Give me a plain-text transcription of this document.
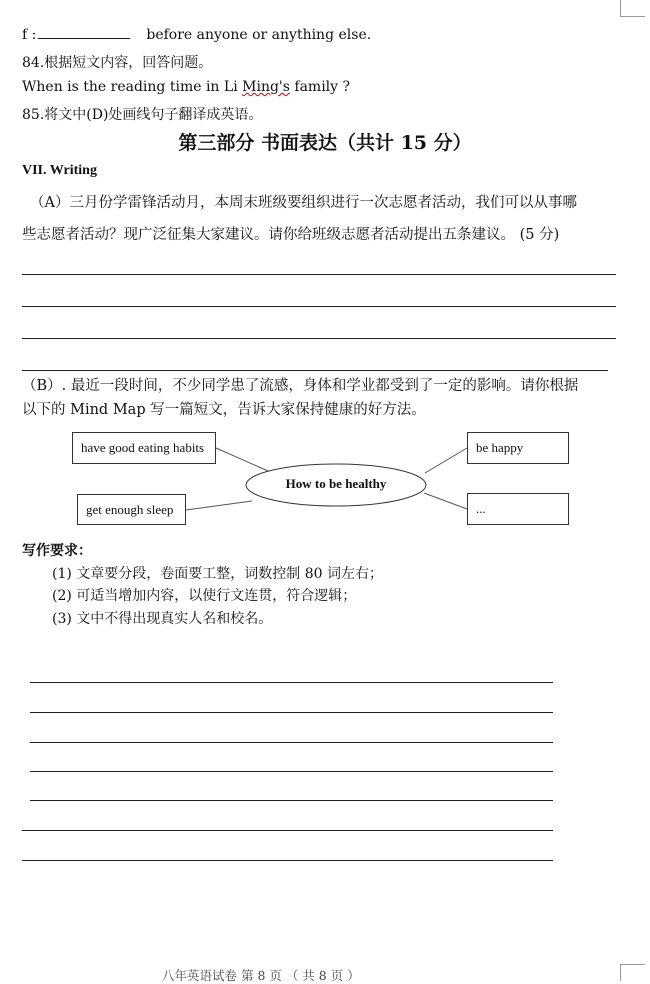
f :	before anyone or anything else.
84.根据短文内容，回答问题。
When is the reading time in Li Ming's family ?
85.将文中(D)处画线句子翻译成英语。
第三部分 书面表达（共计 15 分）
VII. Writing
（A）三月份学雷锋活动月，本周末班级要组织进行一次志愿者活动，我们可以从事哪
些志愿者活动？现广泛征集大家建议。请你给班级志愿者活动提出五条建议。 (5 分)
（B）. 最近一段时间，不少同学患了流感，身体和学业都受到了一定的影响。请你根据
以下的 Mind Map 写一篇短文，告诉大家保持健康的好方法。
How to be healthy
have good eating habits
get enough sleep
be happy
...
写作要求：
(1) 文章要分段，卷面要工整，词数控制 80 词左右；
(2) 可适当增加内容，以使行文连贯，符合逻辑；
(3) 文中不得出现真实人名和校名。
八年英语试卷 第 8 页 （ 共 8 页 ）
